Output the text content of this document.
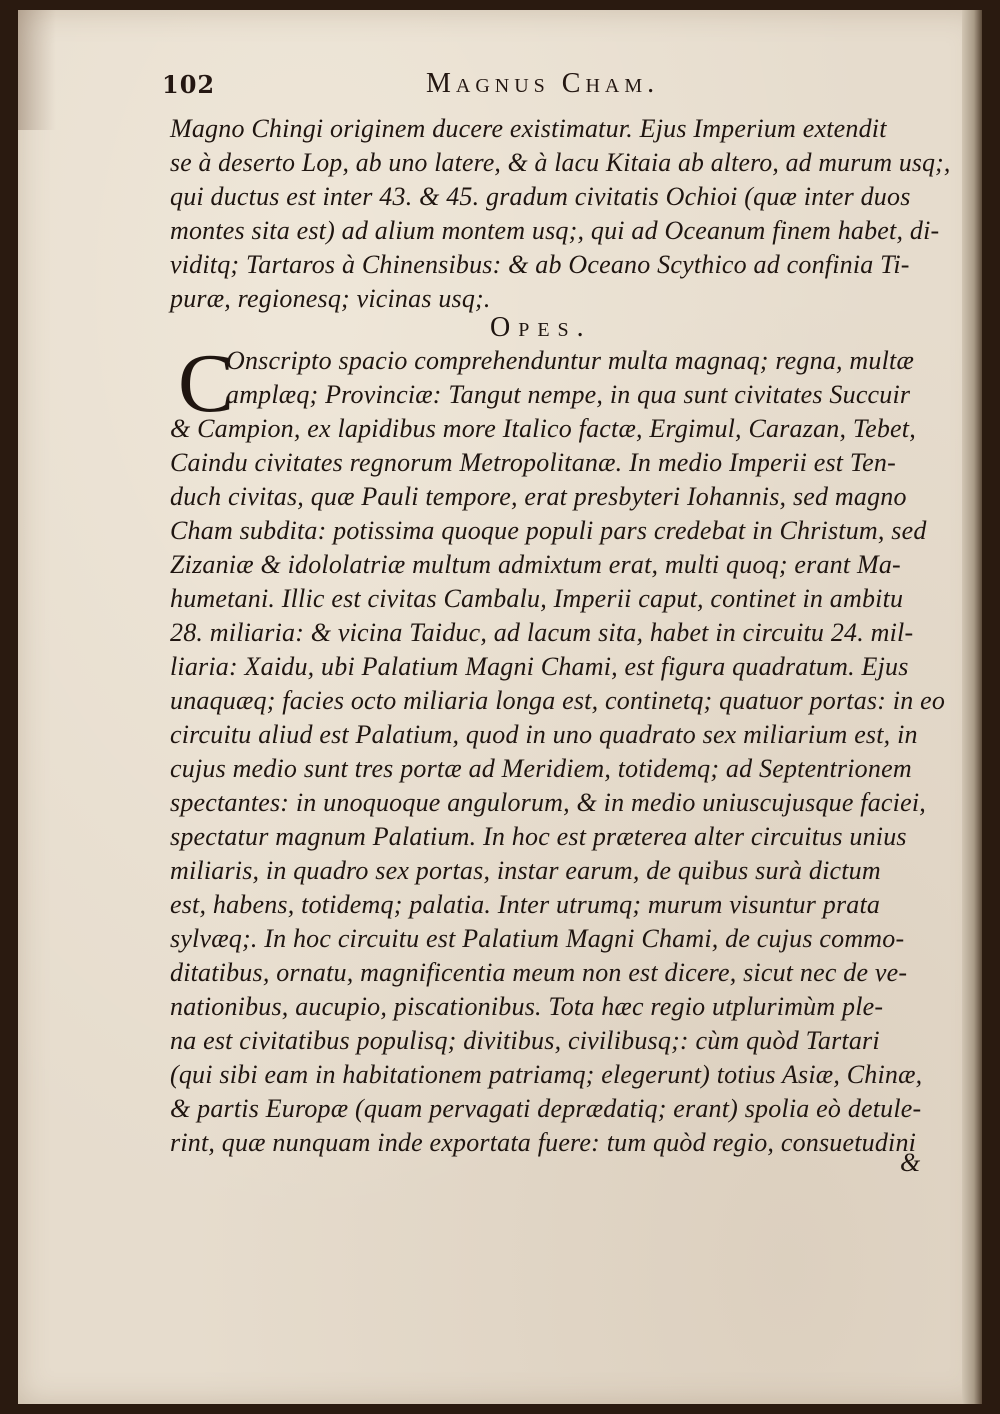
102	Magnus Cham.
Magno Chingi originem ducere existimatur. Ejus Imperium extendit
se à deserto Lop, ab uno latere, & à lacu Kitaia ab altero, ad murum usq;,
qui ductus est inter 43. & 45. gradum civitatis Ochioi (quæ inter duos
montes sita est) ad alium montem usq;, qui ad Oceanum finem habet, di-
viditq; Tartaros à Chinensibus: & ab Oceano Scythico ad confinia Ti-
puræ, regionesq; vicinas usq;.
Opes.
C
Onscripto spacio comprehenduntur multa magnaq; regna, multæ
amplæq; Provinciæ: Tangut nempe, in qua sunt civitates Succuir
& Campion, ex lapidibus more Italico factæ, Ergimul, Carazan, Tebet,
Caindu civitates regnorum Metropolitanæ. In medio Imperii est Ten-
duch civitas, quæ Pauli tempore, erat presbyteri Iohannis, sed magno
Cham subdita: potissima quoque populi pars credebat in Christum, sed
Zizaniæ & idololatriæ multum admixtum erat, multi quoq; erant Ma-
humetani. Illic est civitas Cambalu, Imperii caput, continet in ambitu
28. miliaria: & vicina Taiduc, ad lacum sita, habet in circuitu 24. mil-
liaria: Xaidu, ubi Palatium Magni Chami, est figura quadratum. Ejus
unaquæq; facies octo miliaria longa est, continetq; quatuor portas: in eo
circuitu aliud est Palatium, quod in uno quadrato sex miliarium est, in
cujus medio sunt tres portæ ad Meridiem, totidemq; ad Septentrionem
spectantes: in unoquoque angulorum, & in medio uniuscujusque faciei,
spectatur magnum Palatium. In hoc est præterea alter circuitus unius
miliaris, in quadro sex portas, instar earum, de quibus surà dictum
est, habens, totidemq; palatia. Inter utrumq; murum visuntur prata
sylvæq;. In hoc circuitu est Palatium Magni Chami, de cujus commo-
ditatibus, ornatu, magnificentia meum non est dicere, sicut nec de ve-
nationibus, aucupio, piscationibus. Tota hæc regio utplurimùm ple-
na est civitatibus populisq; divitibus, civilibusq;: cùm quòd Tartari
(qui sibi eam in habitationem patriamq; elegerunt) totius Asiæ, Chinæ,
& partis Europæ (quam pervagati deprædatiq; erant) spolia eò detule-
rint, quæ nunquam inde exportata fuere: tum quòd regio, consuetudini
&
